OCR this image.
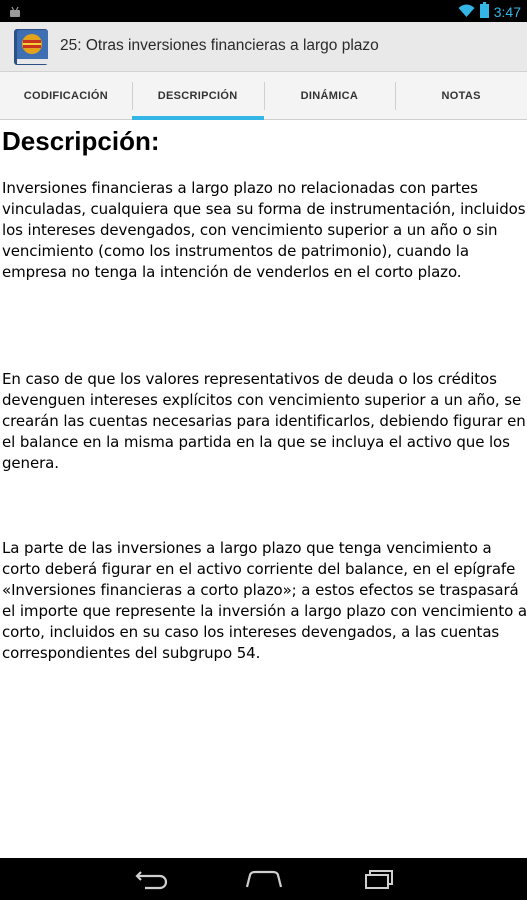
3:47
25: Otras inversiones financieras a largo plazo
CODIFICACIÓN	DESCRIPCIÓN	DINÁMICA	NOTAS
Descripción:

Inversiones financieras a largo plazo no relacionadas con partes vinculadas, cualquiera que sea su forma de instrumentación, incluidos los intereses devengados, con vencimiento superior a un año o sin vencimiento (como los instrumentos de patrimonio), cuando la empresa no tenga la intención de venderlos en el corto plazo.

En caso de que los valores representativos de deuda o los créditos devenguen intereses explícitos con vencimiento superior a un año, se crearán las cuentas necesarias para identificarlos, debiendo figurar en el balance en la misma partida en la que se incluya el activo que los genera.

La parte de las inversiones a largo plazo que tenga vencimiento a corto deberá figurar en el activo corriente del balance, en el epígrafe «Inversiones financieras a corto plazo»; a estos efectos se traspasará el importe que represente la inversión a largo plazo con vencimiento a corto, incluidos en su caso los intereses devengados, a las cuentas correspondientes del subgrupo 54.
